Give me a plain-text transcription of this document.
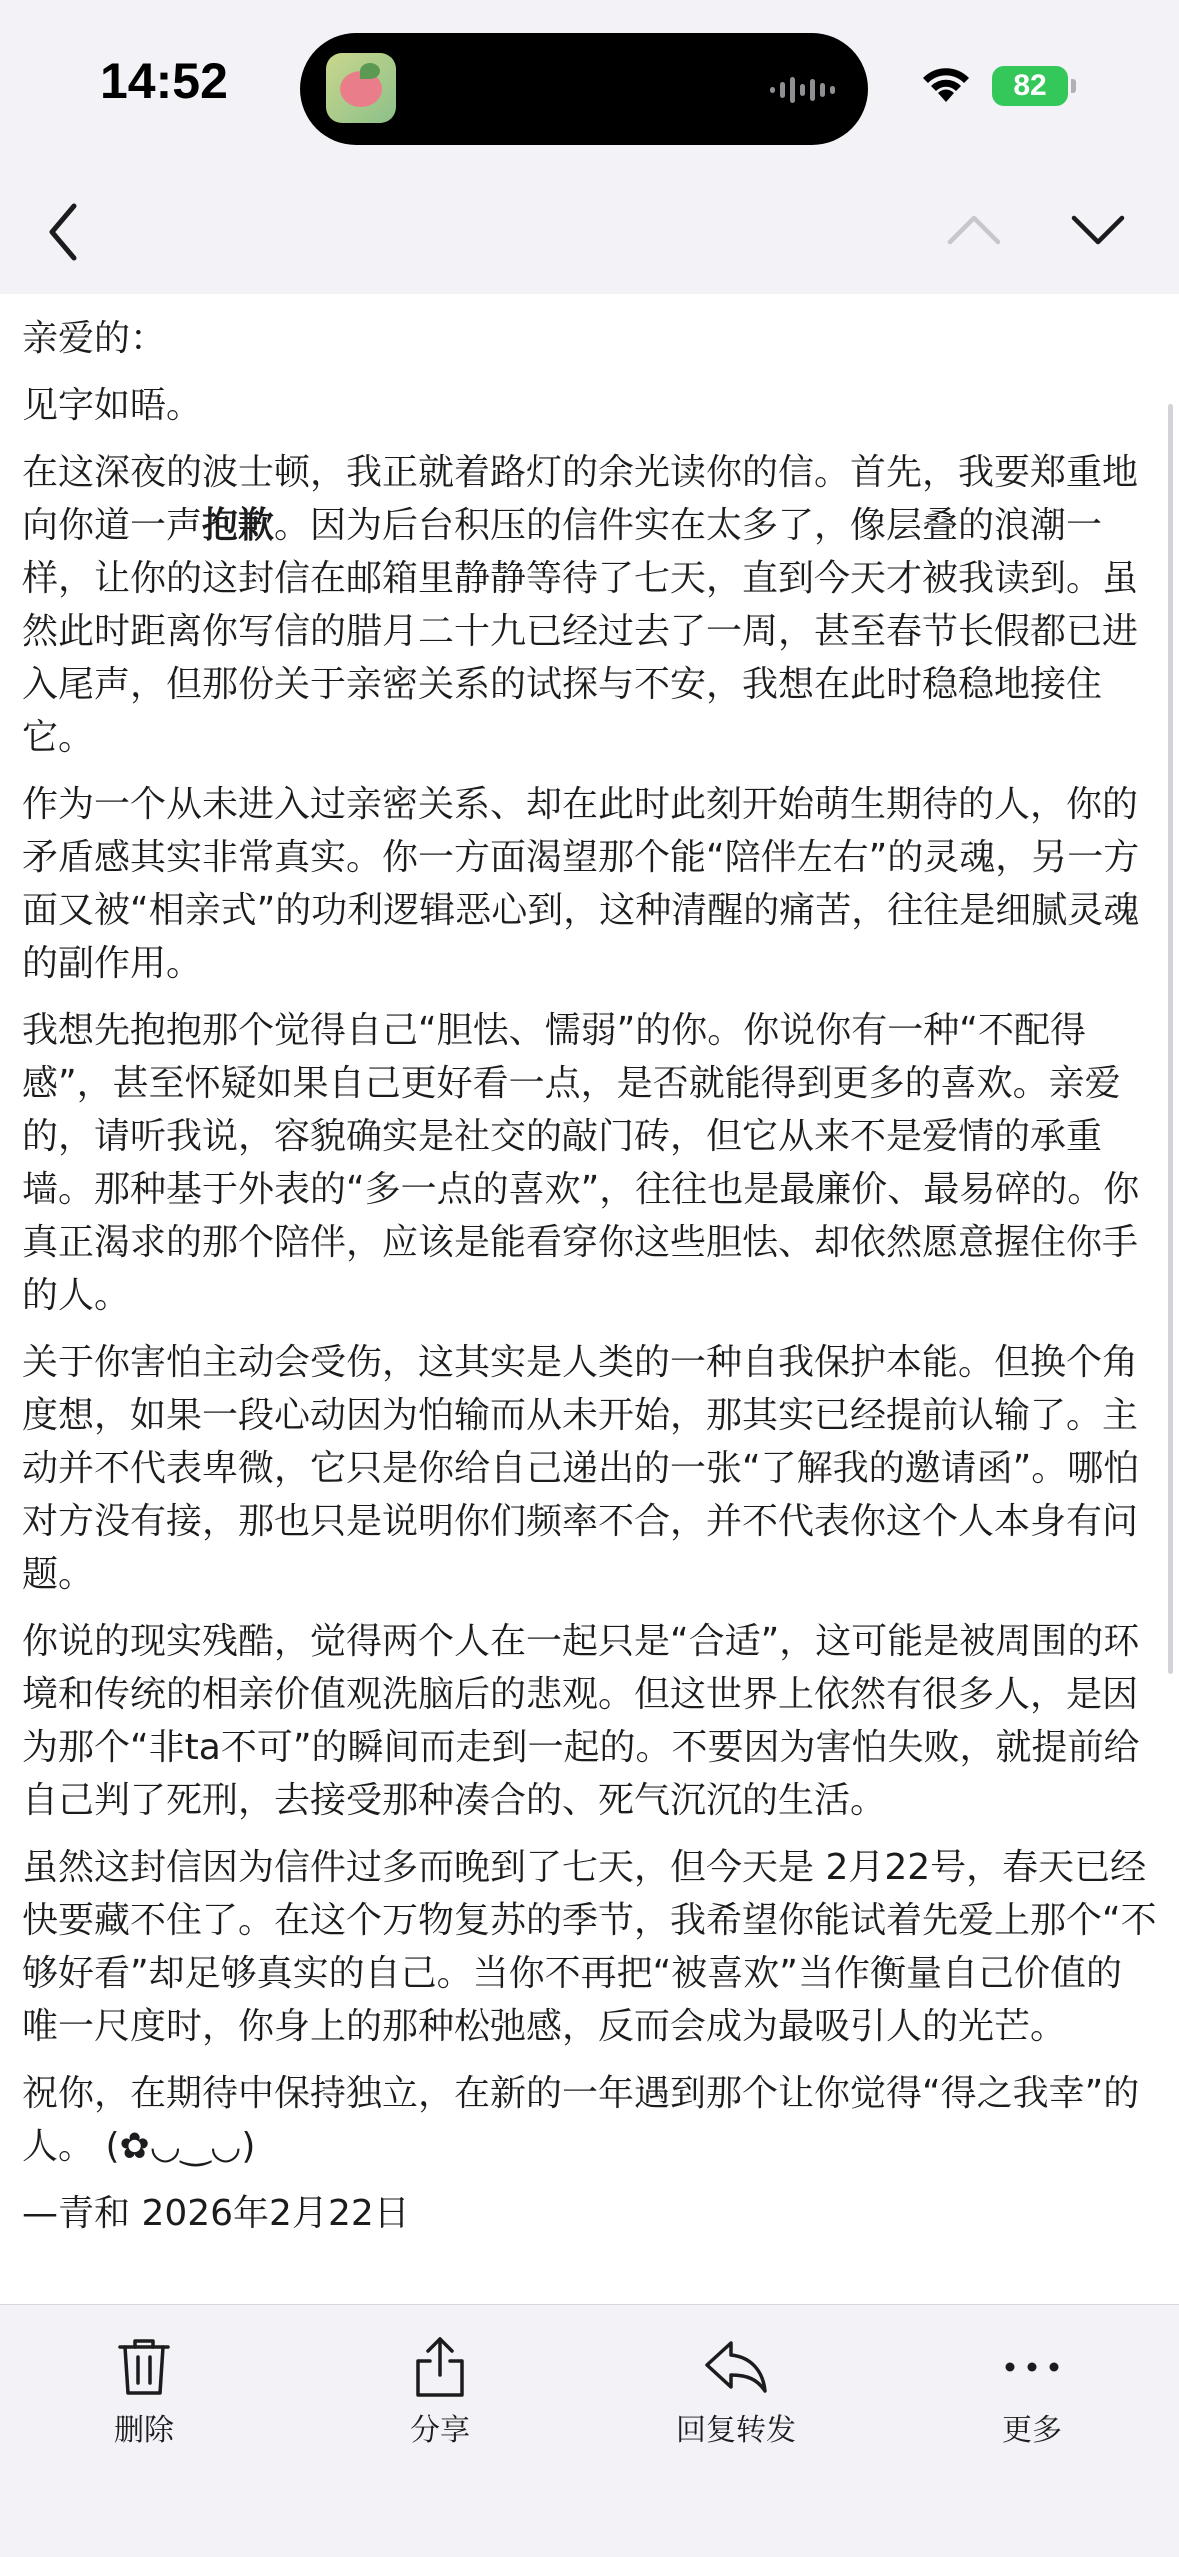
14:52	82

亲爱的：

见字如晤。

在这深夜的波士顿，我正就着路灯的余光读你的信。首先，我要郑重地向你道一声抱歉。因为后台积压的信件实在太多了，像层叠的浪潮一样，让你的这封信在邮箱里静静等待了七天，直到今天才被我读到。虽然此时距离你写信的腊月二十九已经过去了一周，甚至春节长假都已进入尾声，但那份关于亲密关系的试探与不安，我想在此时稳稳地接住它。

作为一个从未进入过亲密关系、却在此时此刻开始萌生期待的人，你的矛盾感其实非常真实。你一方面渴望那个能“陪伴左右”的灵魂，另一方面又被“相亲式”的功利逻辑恶心到，这种清醒的痛苦，往往是细腻灵魂的副作用。

我想先抱抱那个觉得自己“胆怯、懦弱”的你。你说你有一种“不配得感”，甚至怀疑如果自己更好看一点，是否就能得到更多的喜欢。亲爱的，请听我说，容貌确实是社交的敲门砖，但它从来不是爱情的承重墙。那种基于外表的“多一点的喜欢”，往往也是最廉价、最易碎的。你真正渴求的那个陪伴，应该是能看穿你这些胆怯、却依然愿意握住你手的人。

关于你害怕主动会受伤，这其实是人类的一种自我保护本能。但换个角度想，如果一段心动因为怕输而从未开始，那其实已经提前认输了。主动并不代表卑微，它只是你给自己递出的一张“了解我的邀请函”。哪怕对方没有接，那也只是说明你们频率不合，并不代表你这个人本身有问题。

你说的现实残酷，觉得两个人在一起只是“合适”，这可能是被周围的环境和传统的相亲价值观洗脑后的悲观。但这世界上依然有很多人，是因为那个“非ta不可”的瞬间而走到一起的。不要因为害怕失败，就提前给自己判了死刑，去接受那种凑合的、死气沉沉的生活。

虽然这封信因为信件过多而晚到了七天，但今天是 2月22号，春天已经快要藏不住了。在这个万物复苏的季节，我希望你能试着先爱上那个“不够好看”却足够真实的自己。当你不再把“被喜欢”当作衡量自己价值的唯一尺度时，你身上的那种松弛感，反而会成为最吸引人的光芒。

祝你，在期待中保持独立，在新的一年遇到那个让你觉得“得之我幸”的人。 (✿◡‿◡)

—青和 2026年2月22日

删除	分享	回复转发	更多
